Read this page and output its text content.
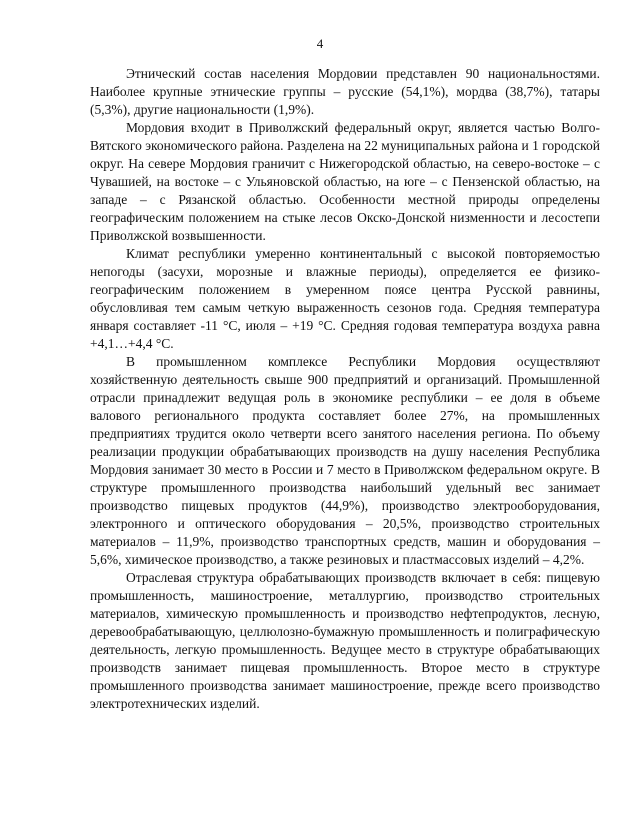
4

Этнический состав населения Мордовии представлен 90 национальностями. Наиболее крупные этнические группы – русские (54,1%), мордва (38,7%), татары (5,3%), другие национальности (1,9%).

Мордовия входит в Приволжский федеральный округ, является частью Волго-Вятского экономического района. Разделена на 22 муниципальных района и 1 городской округ. На севере Мордовия граничит с Нижегородской областью, на северо-востоке – с Чувашией, на востоке – с Ульяновской областью, на юге – с Пензенской областью, на западе – с Рязанской областью. Особенности местной природы определены географическим положением на стыке лесов Окско-Донской низменности и лесостепи Приволжской возвышенности.

Климат республики умеренно континентальный с высокой повторяемостью непогоды (засухи, морозные и влажные периоды), определяется ее физико-географическим положением в умеренном поясе центра Русской равнины, обусловливая тем самым четкую выраженность сезонов года. Средняя температура января составляет -11 °C, июля – +19 °C. Средняя годовая температура воздуха равна +4,1…+4,4 °C.

В промышленном комплексе Республики Мордовия осуществляют хозяйственную деятельность свыше 900 предприятий и организаций. Промышленной отрасли принадлежит ведущая роль в экономике республики – ее доля в объеме валового регионального продукта составляет более 27%, на промышленных предприятиях трудится около четверти всего занятого населения региона. По объему реализации продукции обрабатывающих производств на душу населения Республика Мордовия занимает 30 место в России и 7 место в Приволжском федеральном округе. В структуре промышленного производства наибольший удельный вес занимает производство пищевых продуктов (44,9%), производство электрооборудования, электронного и оптического оборудования – 20,5%, производство строительных материалов – 11,9%, производство транспортных средств, машин и оборудования – 5,6%, химическое производство, а также резиновых и пластмассовых изделий – 4,2%.

Отраслевая структура обрабатывающих производств включает в себя: пищевую промышленность, машиностроение, металлургию, производство строительных материалов, химическую промышленность и производство нефтепродуктов, лесную, деревообрабатывающую, целлюлозно-бумажную промышленность и полиграфическую деятельность, легкую промышленность. Ведущее место в структуре обрабатывающих производств занимает пищевая промышленность. Второе место в структуре промышленного производства занимает машиностроение, прежде всего производство электротехнических изделий.
